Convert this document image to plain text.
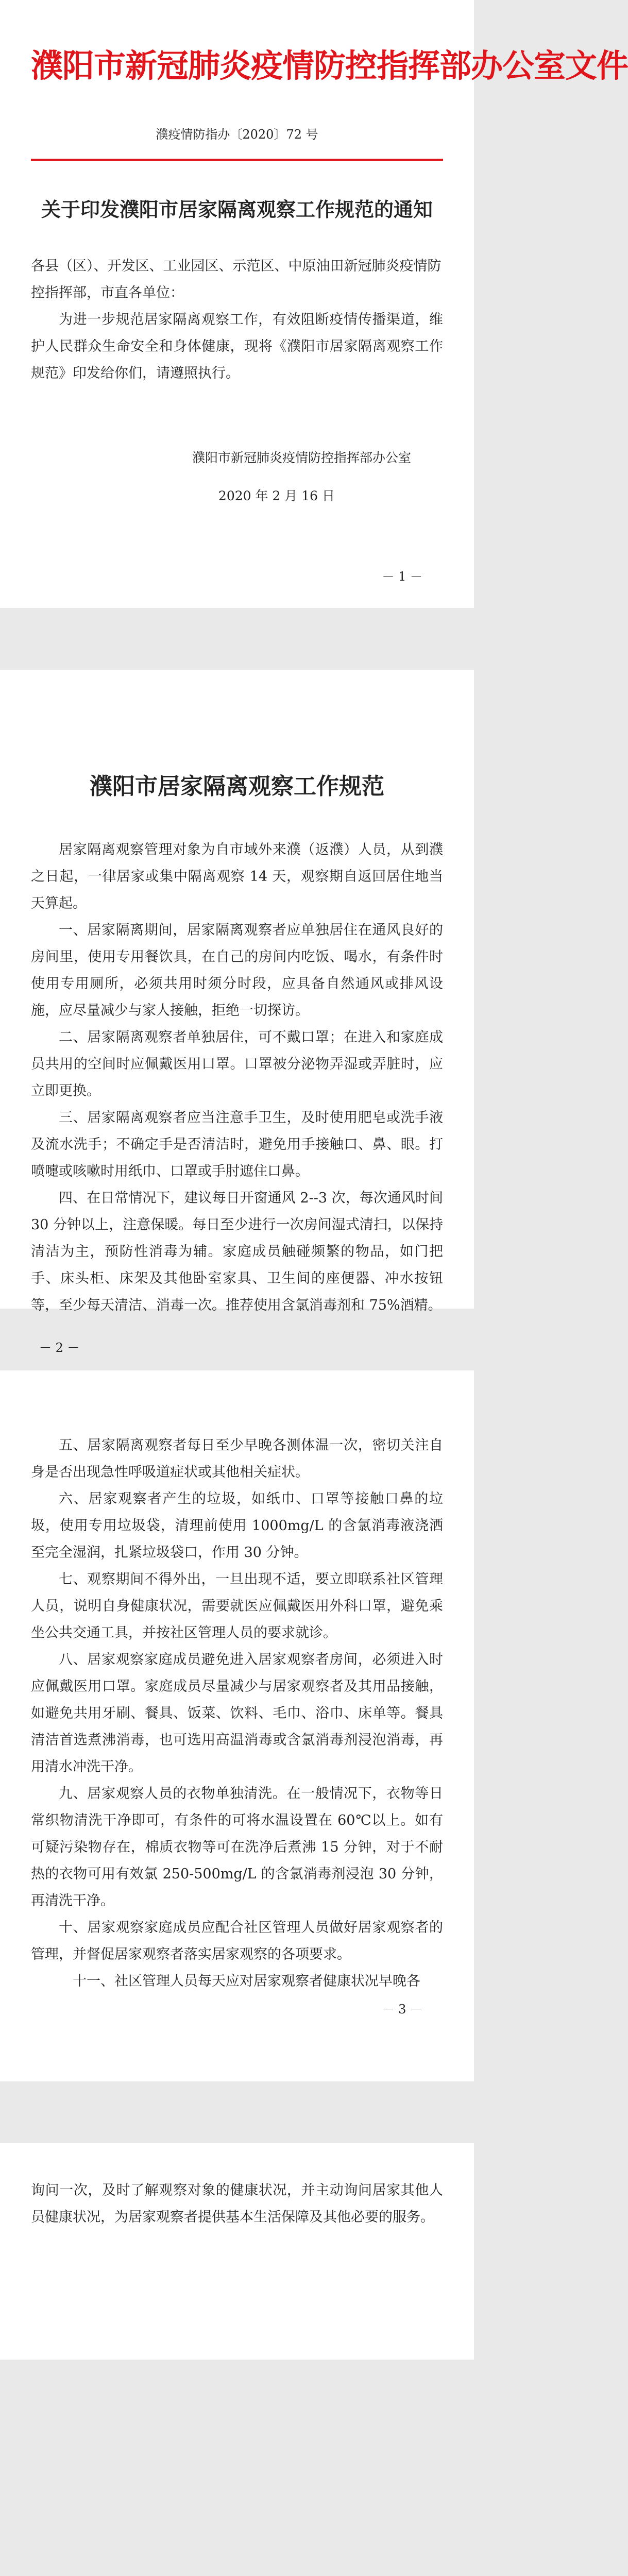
濮阳市新冠肺炎疫情防控指挥部办公室文件
濮疫情防指办〔2020〕72 号
关于印发濮阳市居家隔离观察工作规范的通知
各县（区）、开发区、工业园区、示范区、中原油田新冠肺炎疫情防控指挥部，市直各单位：

为进一步规范居家隔离观察工作，有效阻断疫情传播渠道，维护人民群众生命安全和身体健康，现将《濮阳市居家隔离观察工作规范》印发给你们，请遵照执行。

濮阳市新冠肺炎疫情防控指挥部办公室
2020 年 2 月 16 日
－ 1 －
濮阳市居家隔离观察工作规范

居家隔离观察管理对象为自市域外来濮（返濮）人员，从到濮之日起，一律居家或集中隔离观察 14 天，观察期自返回居住地当天算起。

一、居家隔离期间，居家隔离观察者应单独居住在通风良好的房间里，使用专用餐饮具，在自己的房间内吃饭、喝水，有条件时使用专用厕所，必须共用时须分时段，应具备自然通风或排风设施，应尽量减少与家人接触，拒绝一切探访。

二、居家隔离观察者单独居住，可不戴口罩；在进入和家庭成员共用的空间时应佩戴医用口罩。口罩被分泌物弄湿或弄脏时，应立即更换。

三、居家隔离观察者应当注意手卫生，及时使用肥皂或洗手液及流水洗手；不确定手是否清洁时，避免用手接触口、鼻、眼。打喷嚏或咳嗽时用纸巾、口罩或手肘遮住口鼻。

四、在日常情况下，建议每日开窗通风 2--3 次，每次通风时间 30 分钟以上，注意保暖。每日至少进行一次房间湿式清扫，以保持清洁为主，预防性消毒为辅。家庭成员触碰频繁的物品，如门把手、床头柜、床架及其他卧室家具、卫生间的座便器、冲水按钮等，至少每天清洁、消毒一次。推荐使用含氯消毒剂和 75%酒精。

－ 2 －

五、居家隔离观察者每日至少早晚各测体温一次，密切关注自身是否出现急性呼吸道症状或其他相关症状。

六、居家观察者产生的垃圾，如纸巾、口罩等接触口鼻的垃圾，使用专用垃圾袋，清理前使用 1000mg/L 的含氯消毒液浇洒至完全湿润，扎紧垃圾袋口，作用 30 分钟。

七、观察期间不得外出，一旦出现不适，要立即联系社区管理人员，说明自身健康状况，需要就医应佩戴医用外科口罩，避免乘坐公共交通工具，并按社区管理人员的要求就诊。

八、居家观察家庭成员避免进入居家观察者房间，必须进入时应佩戴医用口罩。家庭成员尽量减少与居家观察者及其用品接触，如避免共用牙刷、餐具、饭菜、饮料、毛巾、浴巾、床单等。餐具清洁首选煮沸消毒，也可选用高温消毒或含氯消毒剂浸泡消毒，再用清水冲洗干净。

九、居家观察人员的衣物单独清洗。在一般情况下，衣物等日常织物清洗干净即可，有条件的可将水温设置在 60℃以上。如有可疑污染物存在，棉质衣物等可在洗净后煮沸 15 分钟，对于不耐热的衣物可用有效氯 250-500mg/L 的含氯消毒剂浸泡 30 分钟，再清洗干净。

十、居家观察家庭成员应配合社区管理人员做好居家观察者的管理，并督促居家观察者落实居家观察的各项要求。

十一、社区管理人员每天应对居家观察者健康状况早晚各

－ 3 －

询问一次，及时了解观察对象的健康状况，并主动询问居家其他人员健康状况，为居家观察者提供基本生活保障及其他必要的服务。
